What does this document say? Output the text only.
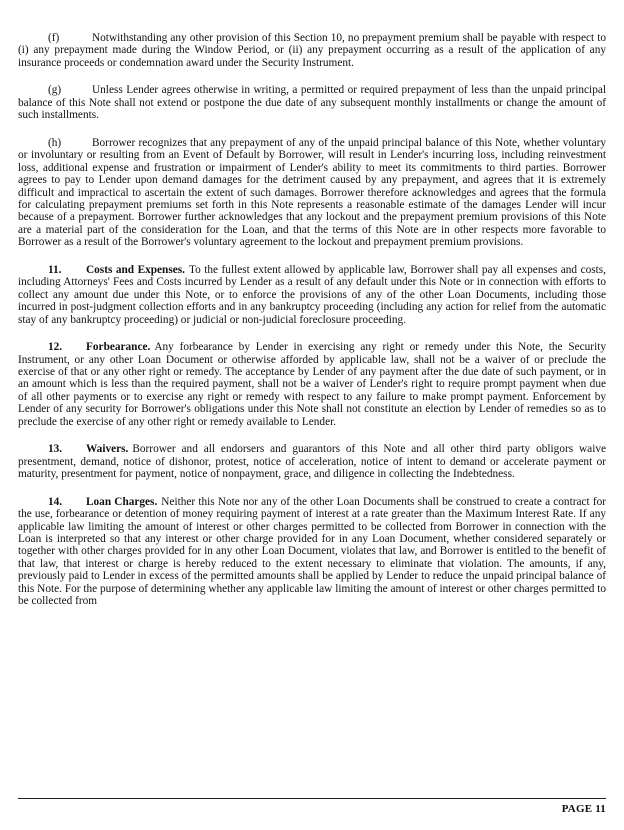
(f)	Notwithstanding any other provision of this Section 10, no prepayment premium shall be payable with respect to (i) any prepayment made during the Window Period, or (ii) any prepayment occurring as a result of the application of any insurance proceeds or condemnation award under the Security Instrument.

(g)	Unless Lender agrees otherwise in writing, a permitted or required prepayment of less than the unpaid principal balance of this Note shall not extend or postpone the due date of any subsequent monthly installments or change the amount of such installments.

(h)	Borrower recognizes that any prepayment of any of the unpaid principal balance of this Note, whether voluntary or involuntary or resulting from an Event of Default by Borrower, will result in Lender's incurring loss, including reinvestment loss, additional expense and frustration or impairment of Lender's ability to meet its commitments to third parties. Borrower agrees to pay to Lender upon demand damages for the detriment caused by any prepayment, and agrees that it is extremely difficult and impractical to ascertain the extent of such damages. Borrower therefore acknowledges and agrees that the formula for calculating prepayment premiums set forth in this Note represents a reasonable estimate of the damages Lender will incur because of a prepayment. Borrower further acknowledges that any lockout and the prepayment premium provisions of this Note are a material part of the consideration for the Loan, and that the terms of this Note are in other respects more favorable to Borrower as a result of the Borrower's voluntary agreement to the lockout and prepayment premium provisions.

11. Costs and Expenses. To the fullest extent allowed by applicable law, Borrower shall pay all expenses and costs, including Attorneys' Fees and Costs incurred by Lender as a result of any default under this Note or in connection with efforts to collect any amount due under this Note, or to enforce the provisions of any of the other Loan Documents, including those incurred in post-judgment collection efforts and in any bankruptcy proceeding (including any action for relief from the automatic stay of any bankruptcy proceeding) or judicial or non-judicial foreclosure proceeding.

12. Forbearance. Any forbearance by Lender in exercising any right or remedy under this Note, the Security Instrument, or any other Loan Document or otherwise afforded by applicable law, shall not be a waiver of or preclude the exercise of that or any other right or remedy. The acceptance by Lender of any payment after the due date of such payment, or in an amount which is less than the required payment, shall not be a waiver of Lender's right to require prompt payment when due of all other payments or to exercise any right or remedy with respect to any failure to make prompt payment. Enforcement by Lender of any security for Borrower's obligations under this Note shall not constitute an election by Lender of remedies so as to preclude the exercise of any other right or remedy available to Lender.

13. Waivers. Borrower and all endorsers and guarantors of this Note and all other third party obligors waive presentment, demand, notice of dishonor, protest, notice of acceleration, notice of intent to demand or accelerate payment or maturity, presentment for payment, notice of nonpayment, grace, and diligence in collecting the Indebtedness.

14. Loan Charges. Neither this Note nor any of the other Loan Documents shall be construed to create a contract for the use, forbearance or detention of money requiring payment of interest at a rate greater than the Maximum Interest Rate. If any applicable law limiting the amount of interest or other charges permitted to be collected from Borrower in connection with the Loan is interpreted so that any interest or other charge provided for in any Loan Document, whether considered separately or together with other charges provided for in any other Loan Document, violates that law, and Borrower is entitled to the benefit of that law, that interest or charge is hereby reduced to the extent necessary to eliminate that violation. The amounts, if any, previously paid to Lender in excess of the permitted amounts shall be applied by Lender to reduce the unpaid principal balance of this Note. For the purpose of determining whether any applicable law limiting the amount of interest or other charges permitted to be collected from

PAGE 11
